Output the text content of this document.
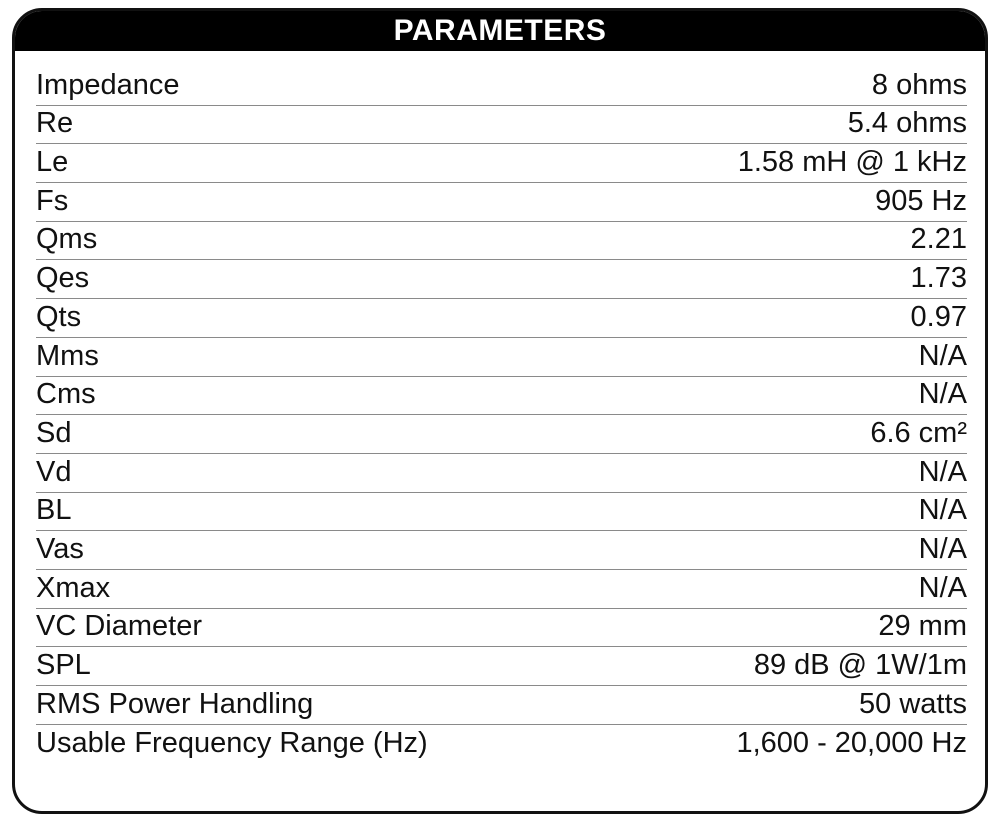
PARAMETERS
Impedance	8 ohms
Re	5.4 ohms
Le	1.58 mH @ 1 kHz
Fs	905 Hz
Qms	2.21
Qes	1.73
Qts	0.97
Mms	N/A
Cms	N/A
Sd	6.6 cm²
Vd	N/A
BL	N/A
Vas	N/A
Xmax	N/A
VC Diameter	29 mm
SPL	89 dB @ 1W/1m
RMS Power Handling	50 watts
Usable Frequency Range (Hz)	1,600 - 20,000 Hz
